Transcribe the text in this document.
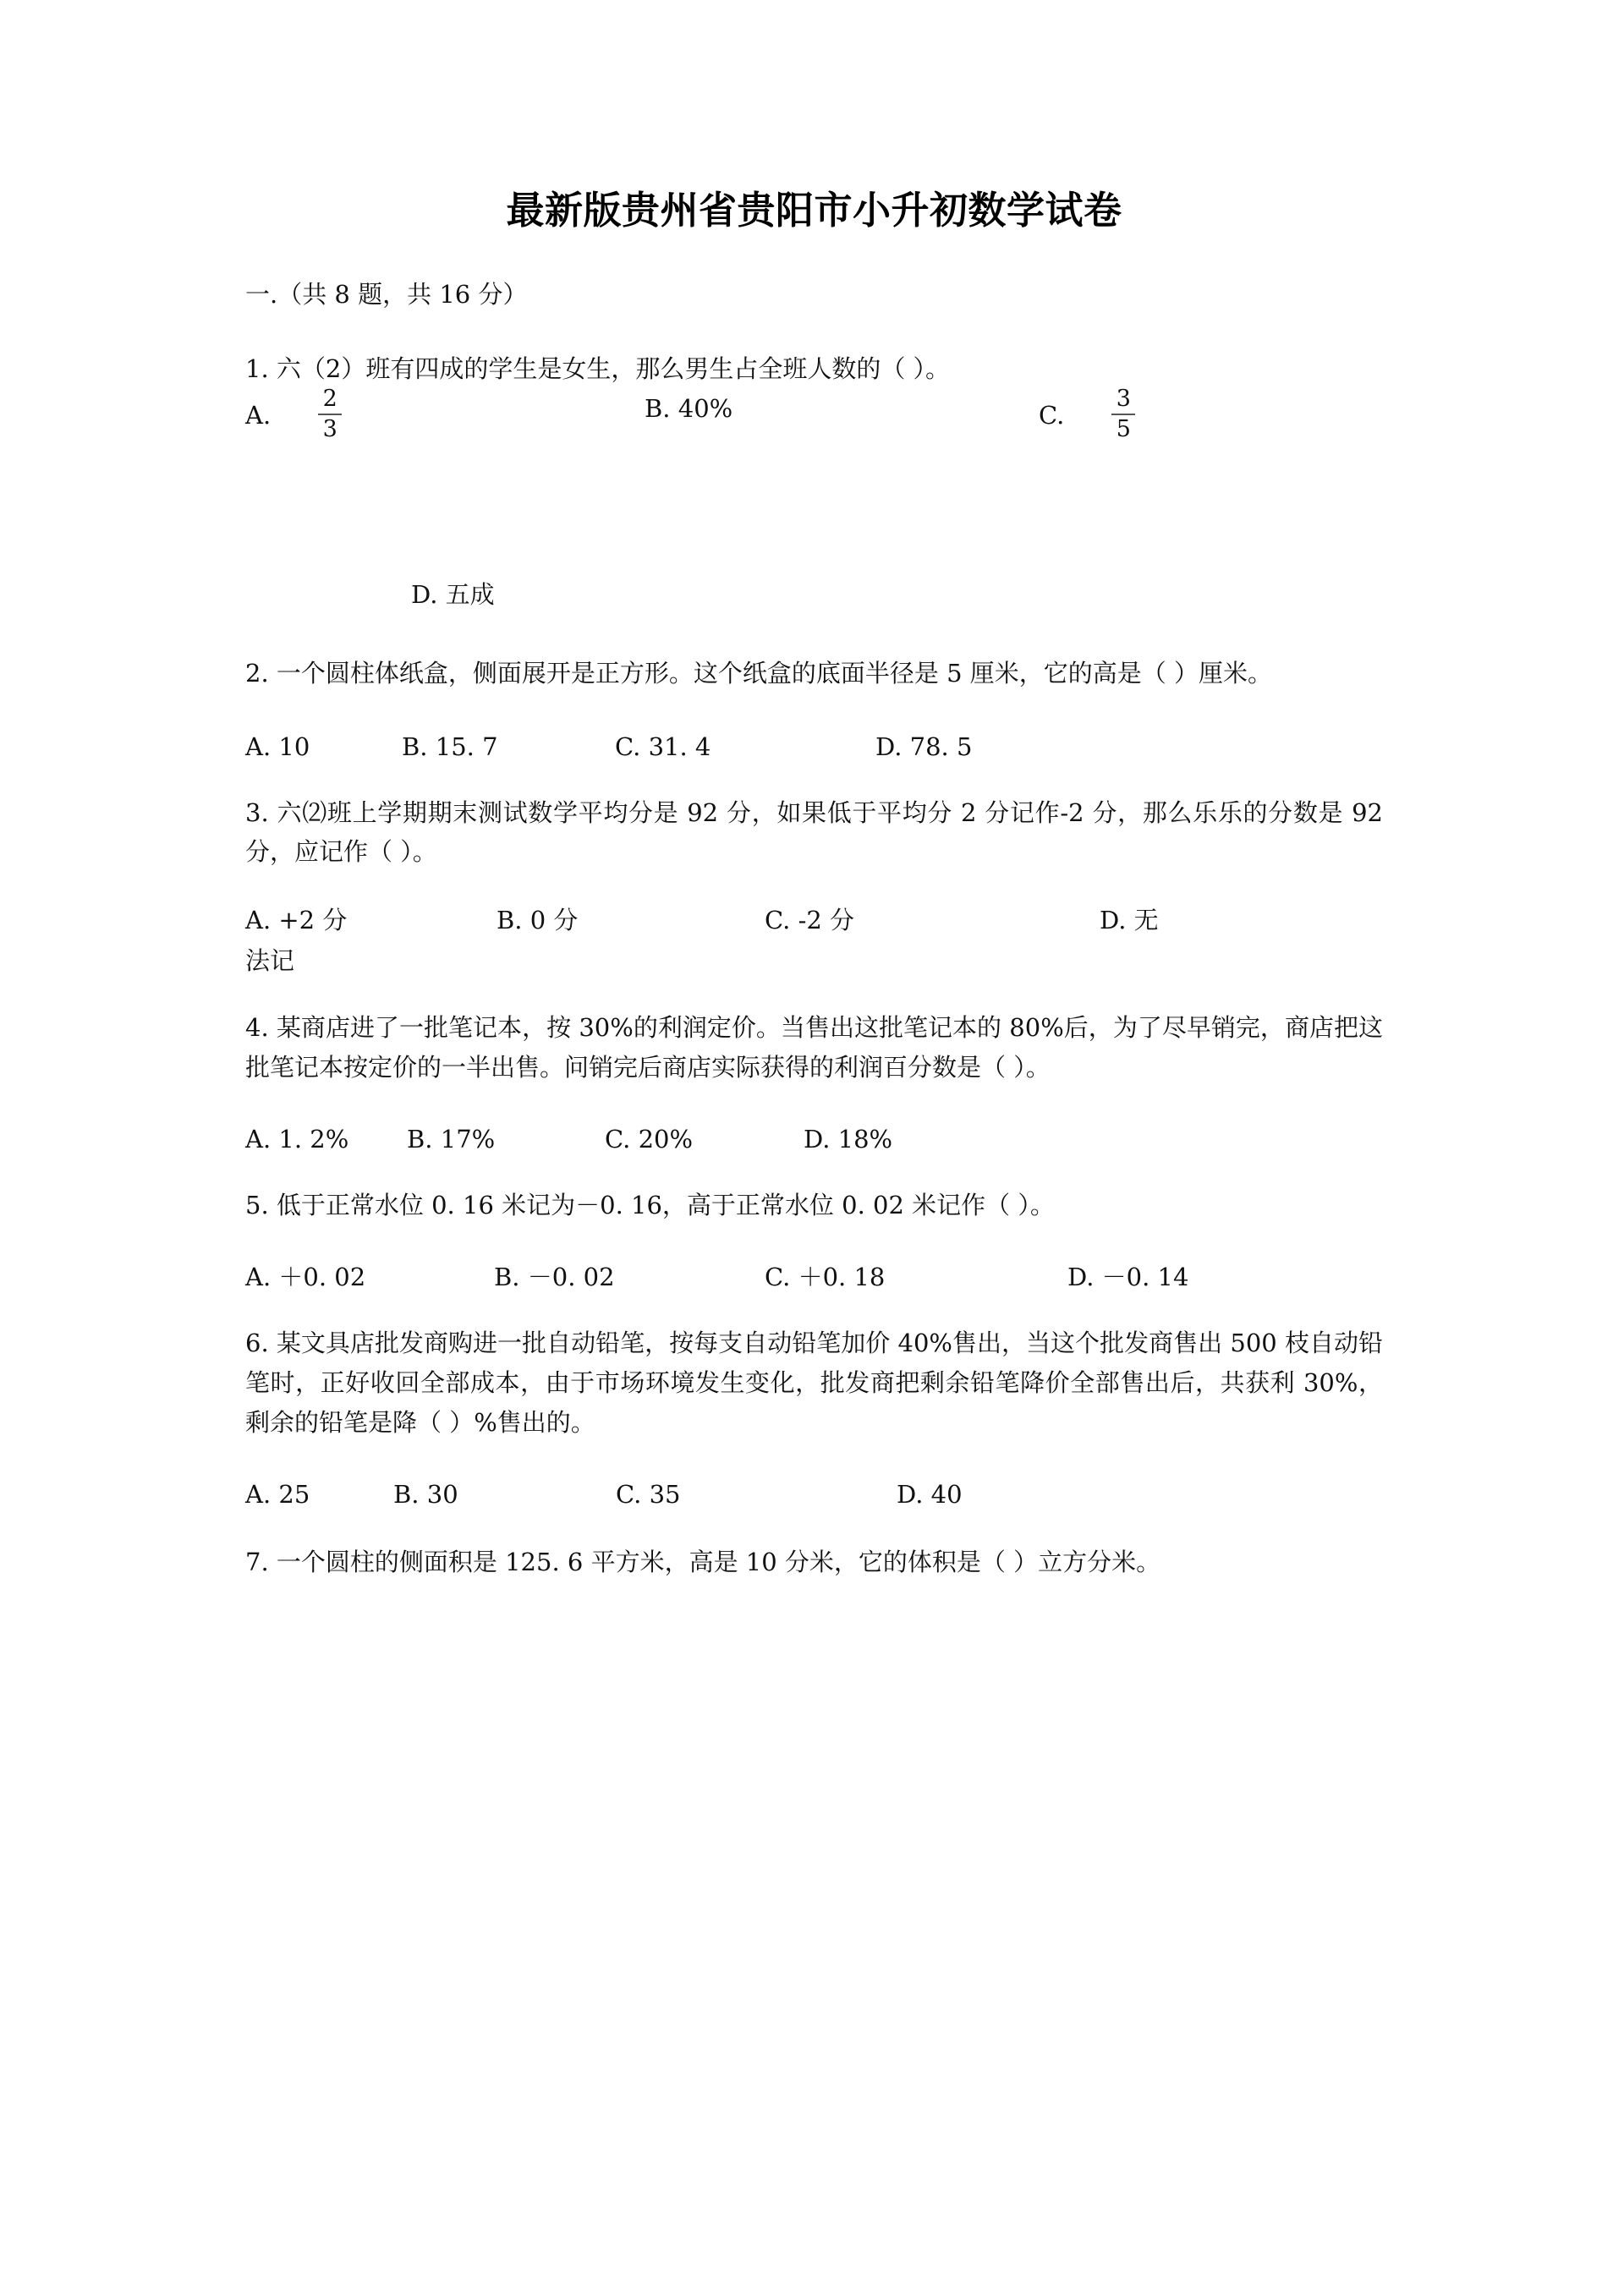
最新版贵州省贵阳市小升初数学试卷

一.（共 8 题，共 16 分）

1. 六（2）班有四成的学生是女生，那么男生占全班人数的（ ）。

A. $\frac{2}{3}$	B. 40%	C. $\frac{3}{5}$
D. 五成

2. 一个圆柱体纸盒，侧面展开是正方形。这个纸盒的底面半径是 5 厘米，它的高是（ ）厘米。

A. 10	B. 15. 7	C. 31. 4	D. 78. 5

3. 六⑵班上学期期末测试数学平均分是 92 分，如果低于平均分 2 分记作-2 分，那么乐乐的分数是 92 分，应记作（ ）。

A. +2 分	B. 0 分	C. -2 分	D. 无
法记

4. 某商店进了一批笔记本，按 30%的利润定价。当售出这批笔记本的 80%后，为了尽早销完，商店把这批笔记本按定价的一半出售。问销完后商店实际获得的利润百分数是（ ）。

A. 1. 2% B. 17%	C. 20%	D. 18%

5. 低于正常水位 0. 16 米记为－0. 16，高于正常水位 0. 02 米记作（ ）。

A. ＋0. 02	B. －0. 02	C. ＋0. 18	D. －0. 14

6. 某文具店批发商购进一批自动铅笔，按每支自动铅笔加价 40%售出，当这个批发商售出 500 枝自动铅笔时，正好收回全部成本，由于市场环境发生变化，批发商把剩余铅笔降价全部售出后，共获利 30%，剩余的铅笔是降（ ）%售出的。

A. 25	B. 30	C. 35	D. 40

7. 一个圆柱的侧面积是 125. 6 平方米，高是 10 分米，它的体积是（ ）立方分米。
